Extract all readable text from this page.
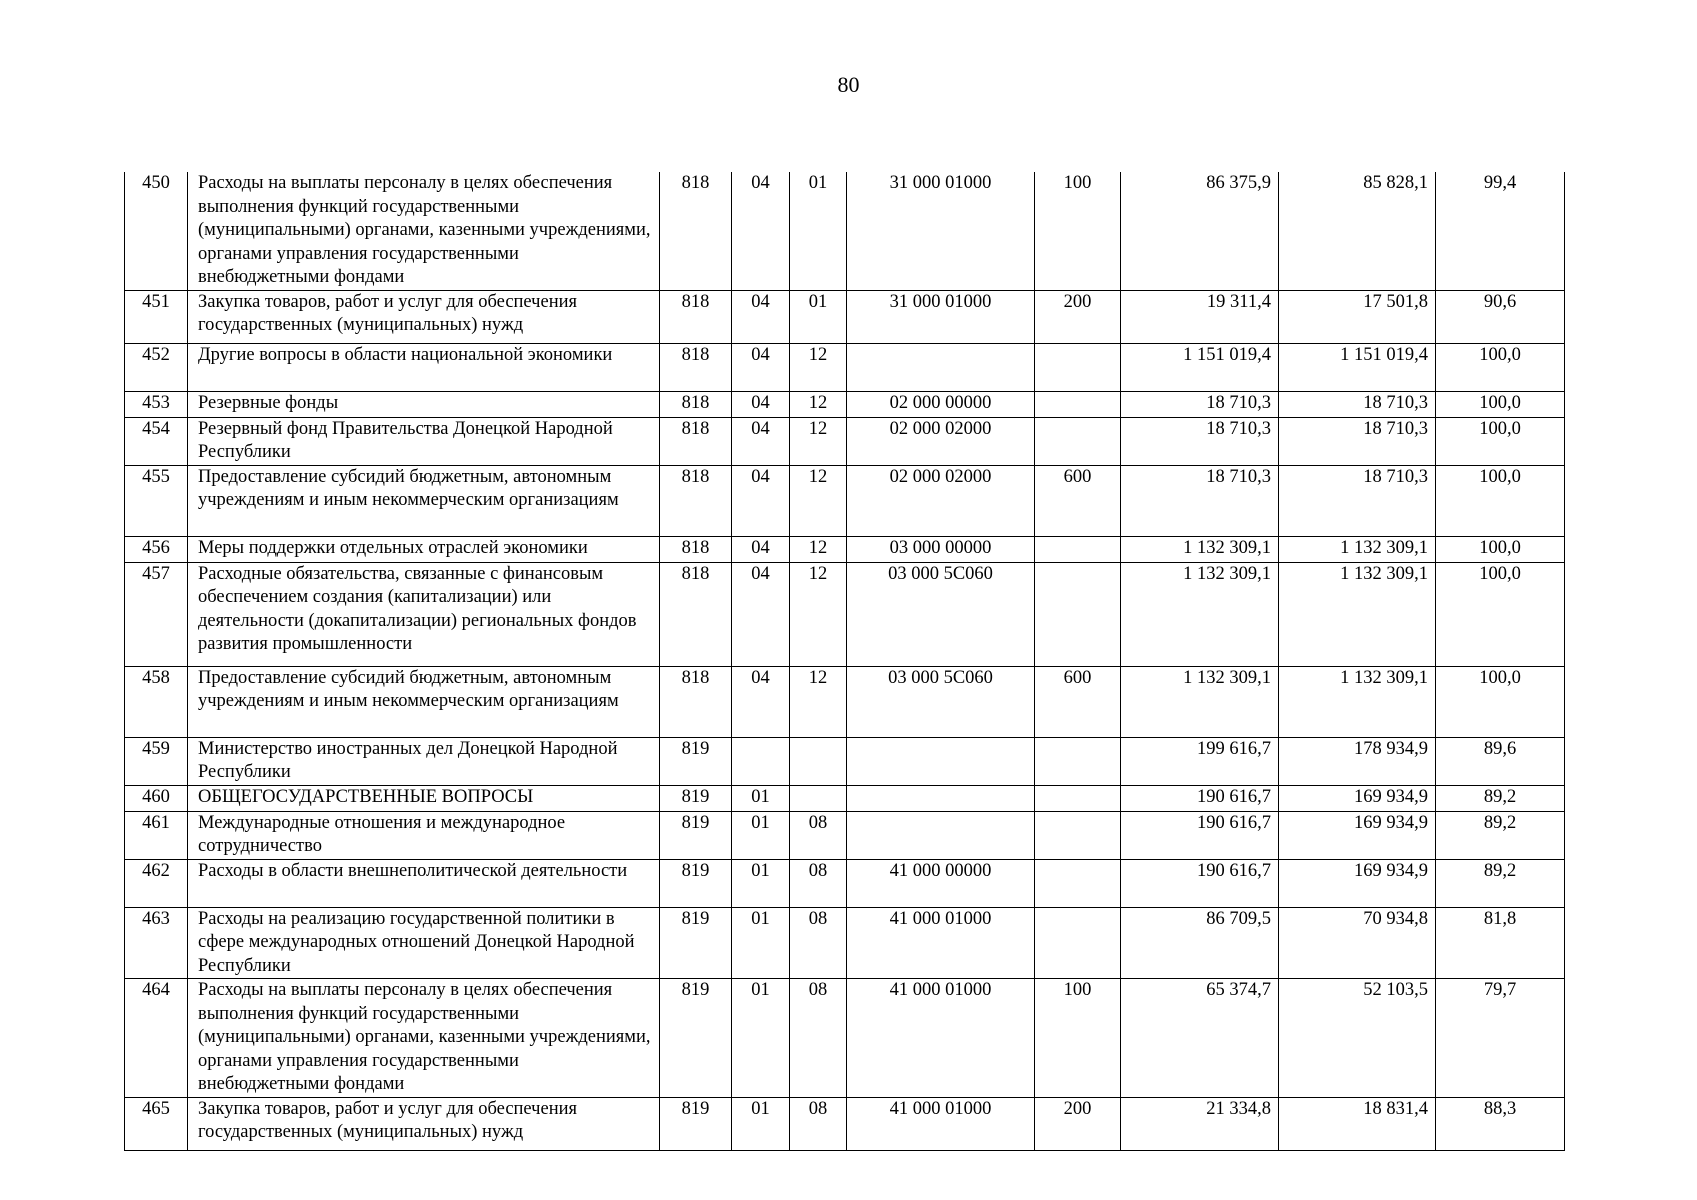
80
450	Расходы на выплаты персоналу в целях обеспечения выполнения функций государственными (муниципальными) органами, казенными учреждениями, органами управления государственными внебюджетными фондами	818	04	01	31 000 01000	100	86 375,9	85 828,1	99,4
451	Закупка товаров, работ и услуг для обеспечения государственных (муниципальных) нужд	818	04	01	31 000 01000	200	19 311,4	17 501,8	90,6
452	Другие вопросы в области национальной экономики	818	04	12			1 151 019,4	1 151 019,4	100,0
453	Резервные фонды	818	04	12	02 000 00000		18 710,3	18 710,3	100,0
454	Резервный фонд Правительства Донецкой Народной Республики	818	04	12	02 000 02000		18 710,3	18 710,3	100,0
455	Предоставление субсидий бюджетным, автономным учреждениям и иным некоммерческим организациям	818	04	12	02 000 02000	600	18 710,3	18 710,3	100,0
456	Меры поддержки отдельных отраслей экономики	818	04	12	03 000 00000		1 132 309,1	1 132 309,1	100,0
457	Расходные обязательства, связанные с финансовым обеспечением создания (капитализации) или деятельности (докапитализации) региональных фондов развития промышленности	818	04	12	03 000 5С060		1 132 309,1	1 132 309,1	100,0
458	Предоставление субсидий бюджетным, автономным учреждениям и иным некоммерческим организациям	818	04	12	03 000 5С060	600	1 132 309,1	1 132 309,1	100,0
459	Министерство иностранных дел Донецкой Народной Республики	819					199 616,7	178 934,9	89,6
460	ОБЩЕГОСУДАРСТВЕННЫЕ ВОПРОСЫ	819	01				190 616,7	169 934,9	89,2
461	Международные отношения и международное сотрудничество	819	01	08			190 616,7	169 934,9	89,2
462	Расходы в области внешнеполитической деятельности	819	01	08	41 000 00000		190 616,7	169 934,9	89,2
463	Расходы на реализацию государственной политики в сфере международных отношений Донецкой Народной Республики	819	01	08	41 000 01000		86 709,5	70 934,8	81,8
464	Расходы на выплаты персоналу в целях обеспечения выполнения функций государственными (муниципальными) органами, казенными учреждениями, органами управления государственными внебюджетными фондами	819	01	08	41 000 01000	100	65 374,7	52 103,5	79,7
465	Закупка товаров, работ и услуг для обеспечения государственных (муниципальных) нужд	819	01	08	41 000 01000	200	21 334,8	18 831,4	88,3
